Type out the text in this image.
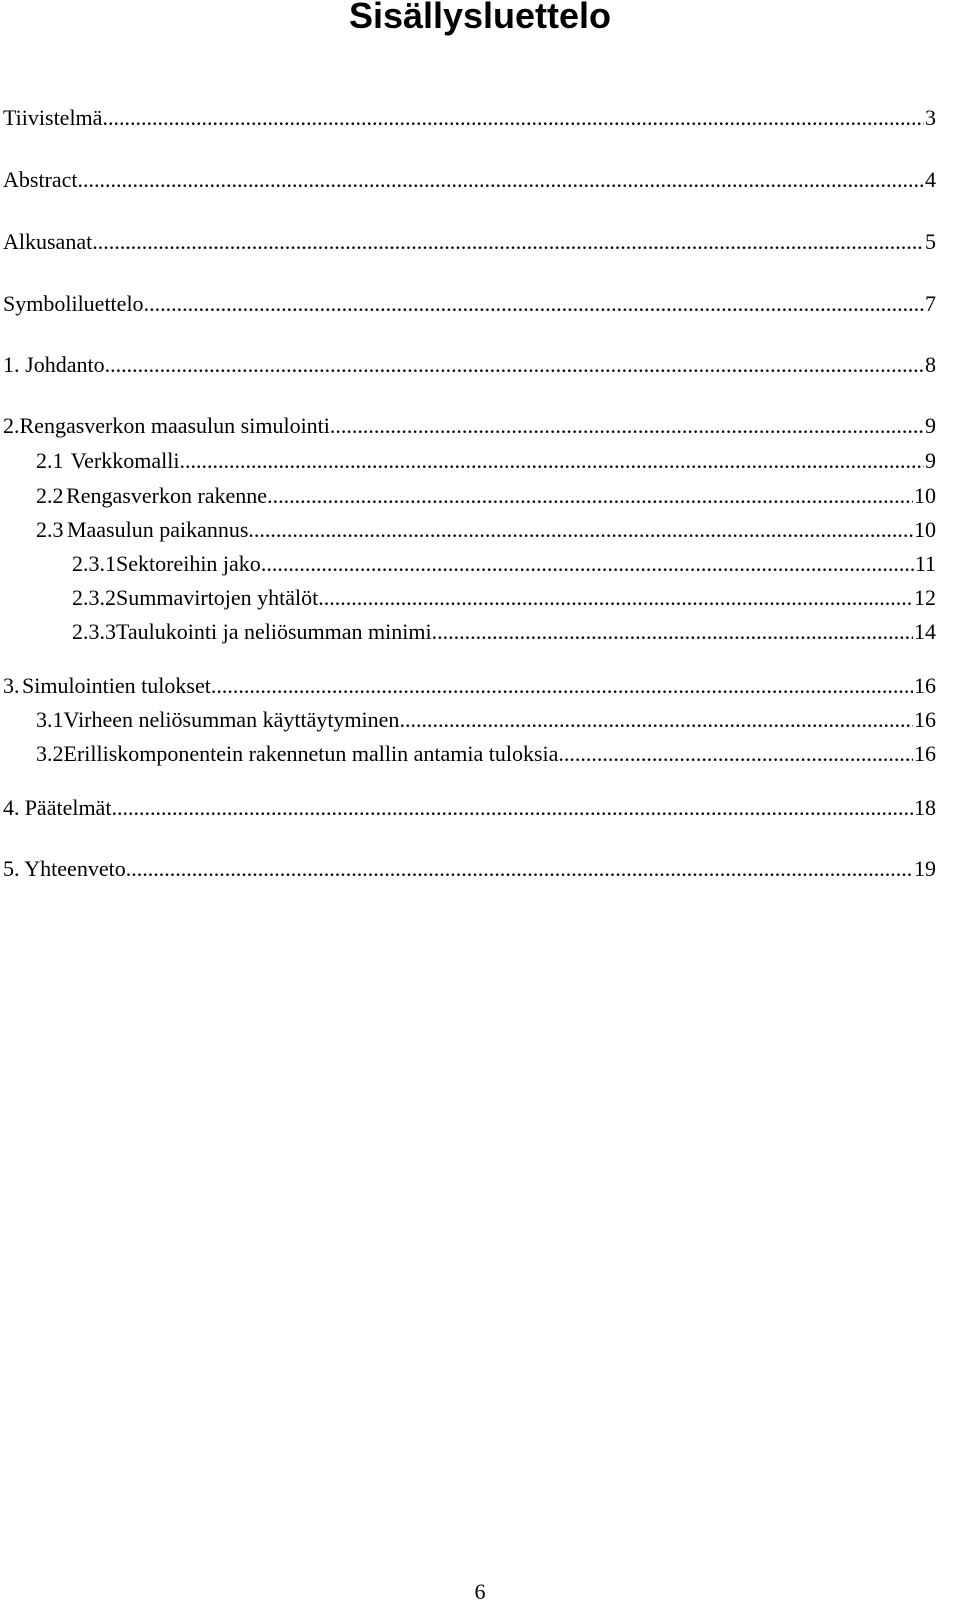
Sisällysluettelo
Tiivistelmä .....	3
Abstract .....	4
Alkusanat .....	5
Symboliluettelo .....	7
1. Johdanto .....	8
2. Rengasverkon maasulun simulointi .....	9
2.1 Verkkomalli .....	9
2.2 Rengasverkon rakenne .....	10
2.3 Maasulun paikannus .....	10
2.3.1 Sektoreihin jako .....	11
2.3.2 Summavirtojen yhtälöt .....	12
2.3.3 Taulukointi ja neliösumman minimi .....	14
3. Simulointien tulokset .....	16
3.1 Virheen neliösumman käyttäytyminen .....	16
3.2 Erilliskomponentein rakennetun mallin antamia tuloksia .....	16
4. Päätelmät .....	18
5. Yhteenveto .....	19
6
